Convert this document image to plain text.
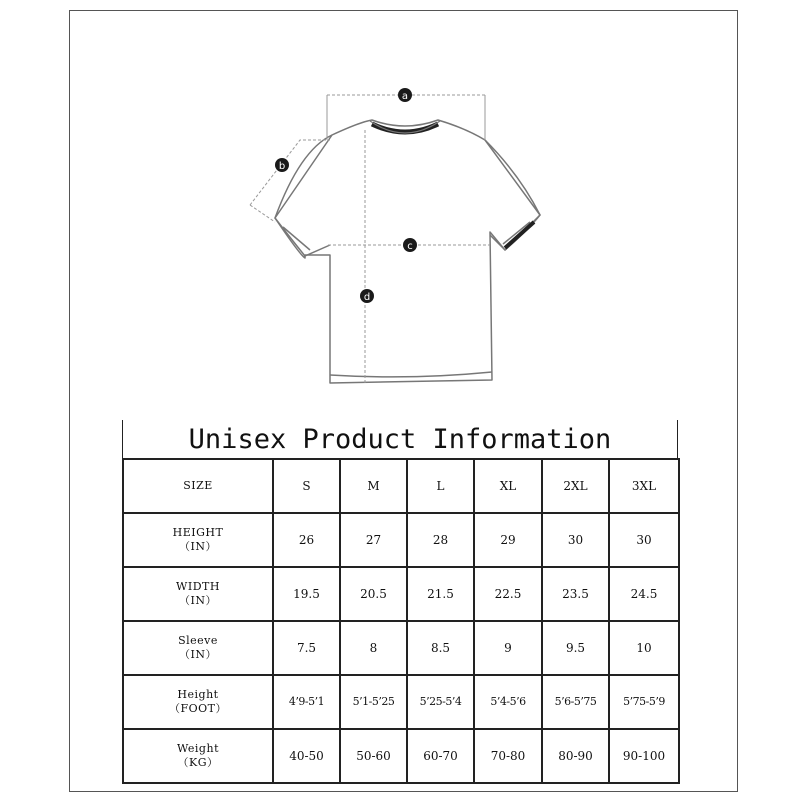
a
b
c
d
Unisex Product Information
SIZE	S	M	L	XL	2XL	3XL
HEIGHT
（IN）	26	27	28	29	30	30
WIDTH
（IN）	19.5	20.5	21.5	22.5	23.5	24.5
Sleeve
（IN）	7.5	8	8.5	9	9.5	10
Height
（FOOT）	4’9-5’1	5’1-5’25	5’25-5’4	5’4-5’6	5’6-5’75	5’75-5’9
Weight
（KG）	40-50	50-60	60-70	70-80	80-90	90-100
